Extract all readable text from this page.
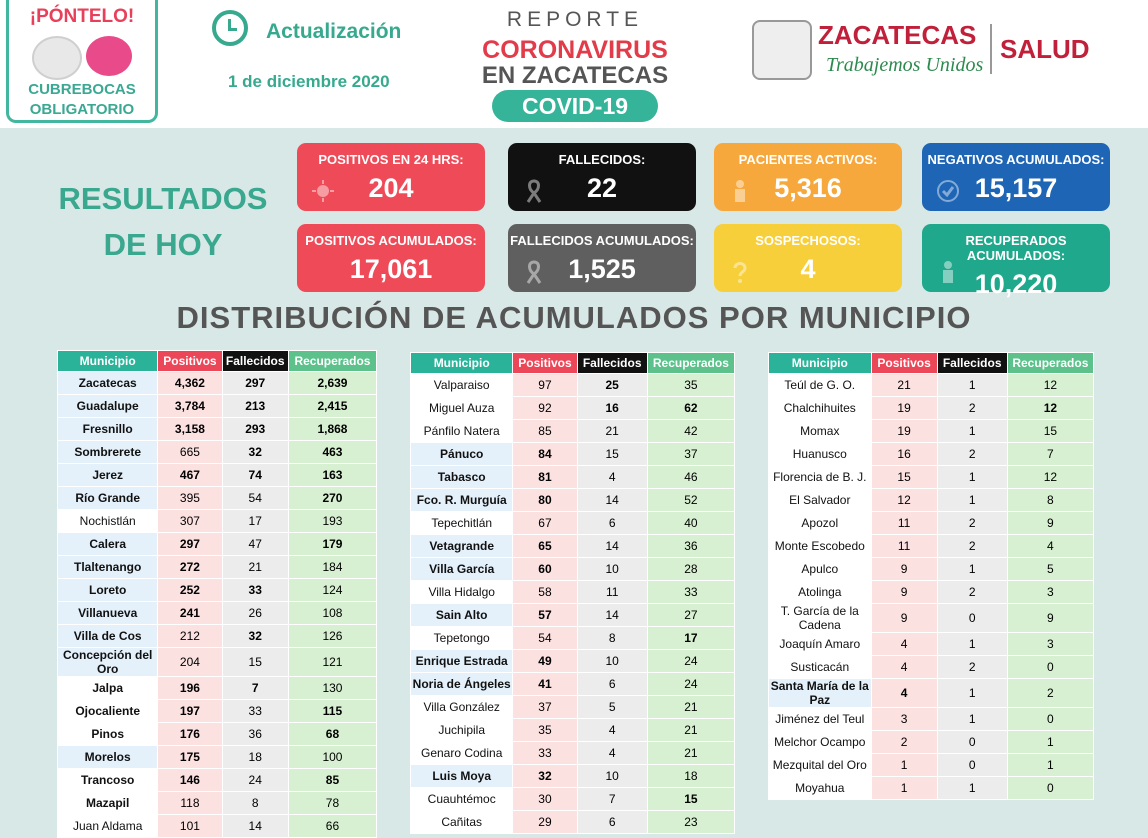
¡PÓNTELO!
CUBREBOCAS
OBLIGATORIO
Actualización
1 de diciembre 2020
REPORTE
CORONAVIRUS
EN ZACATECAS
COVID-19
ZACATECAS
Trabajemos Unidos
SALUD
RESULTADOS DE HOY
POSITIVOS EN 24 HRS:
204
FALLECIDOS:
22
PACIENTES ACTIVOS:
5,316
NEGATIVOS ACUMULADOS:
15,157
POSITIVOS ACUMULADOS:
17,061
FALLECIDOS ACUMULADOS:
1,525
SOSPECHOSOS:
4
RECUPERADOS ACUMULADOS:
10,220
DISTRIBUCIÓN DE ACUMULADOS POR MUNICIPIO
Municipio	Positivos	Fallecidos	Recuperados
Zacatecas	4,362	297	2,639
Guadalupe	3,784	213	2,415
Fresnillo	3,158	293	1,868
Sombrerete	665	32	463
Jerez	467	74	163
Río Grande	395	54	270
Nochistlán	307	17	193
Calera	297	47	179
Tlaltenango	272	21	184
Loreto	252	33	124
Villanueva	241	26	108
Villa de Cos	212	32	126
Concepción del Oro	204	15	121
Jalpa	196	7	130
Ojocaliente	197	33	115
Pinos	176	36	68
Morelos	175	18	100
Trancoso	146	24	85
Mazapil	118	8	78
Juan Aldama	101	14	66
Municipio	Positivos	Fallecidos	Recuperados
Valparaiso	97	25	35
Miguel Auza	92	16	62
Pánfilo Natera	85	21	42
Pánuco	84	15	37
Tabasco	81	4	46
Fco. R. Murguía	80	14	52
Tepechitlán	67	6	40
Vetagrande	65	14	36
Villa García	60	10	28
Villa Hidalgo	58	11	33
Sain Alto	57	14	27
Tepetongo	54	8	17
Enrique Estrada	49	10	24
Noria de Ángeles	41	6	24
Villa González	37	5	21
Juchipila	35	4	21
Genaro Codina	33	4	21
Luis Moya	32	10	18
Cuauhtémoc	30	7	15
Cañitas	29	6	23
Municipio	Positivos	Fallecidos	Recuperados
Teúl de G. O.	21	1	12
Chalchihuites	19	2	12
Momax	19	1	15
Huanusco	16	2	7
Florencia de B. J.	15	1	12
El Salvador	12	1	8
Apozol	11	2	9
Monte Escobedo	11	2	4
Apulco	9	1	5
Atolinga	9	2	3
T. García de la Cadena	9	0	9
Joaquín Amaro	4	1	3
Susticacán	4	2	0
Santa María de la Paz	4	1	2
Jiménez del Teul	3	1	0
Melchor Ocampo	2	0	1
Mezquital del Oro	1	0	1
Moyahua	1	1	0
